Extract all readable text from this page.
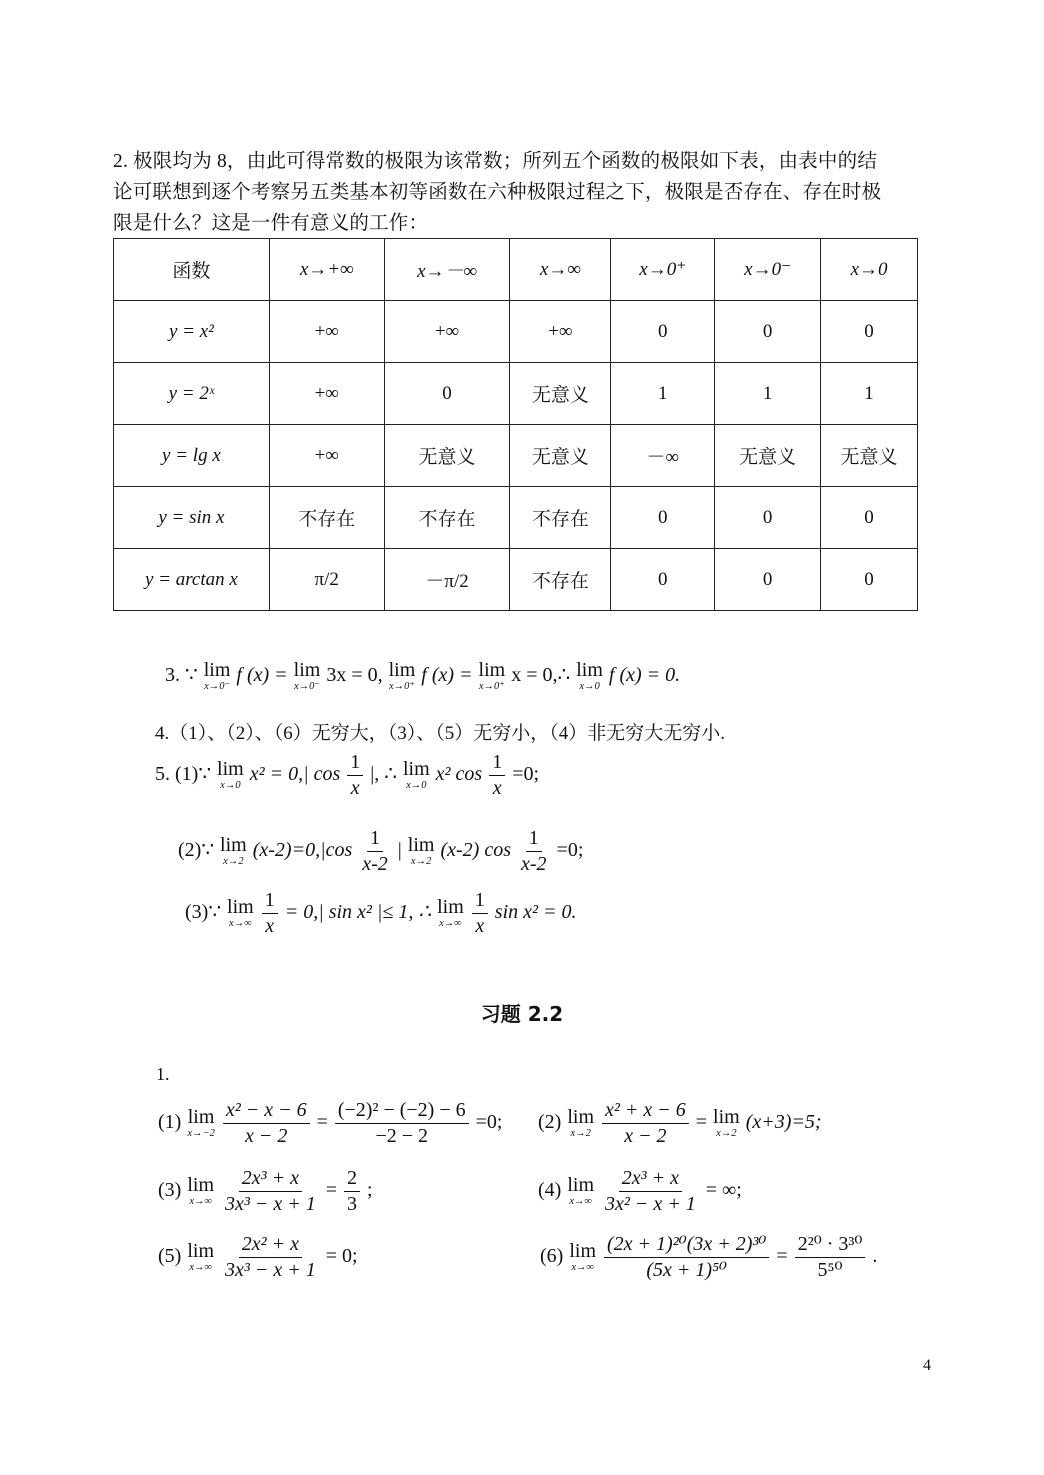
2. 极限均为 8，由此可得常数的极限为该常数；所列五个函数的极限如下表，由表中的结
论可联想到逐个考察另五类基本初等函数在六种极限过程之下，极限是否存在、存在时极
限是什么？这是一件有意义的工作：
函数	x→+∞	x→－∞	x→∞	x→0⁺	x→0⁻	x→0
y = x²	+∞	+∞	+∞	0	0	0
y = 2ˣ	+∞	0	无意义	1	1	1
y = lg x	+∞	无意义	无意义	－∞	无意义	无意义
y = sin x	不存在	不存在	不存在	0	0	0
y = arctan x	π/2	－π/2	不存在	0	0	0
3. ∵ lim
x→0⁻
f (x) = lim
x→0⁻
3x = 0, lim
x→0⁺
f (x) = lim
x→0⁺
x = 0,∴ lim
x→0
f (x) = 0.
4.（1）、（2）、（6）无穷大，（3）、（5）无穷小，（4）非无穷大无穷小.
5. (1)∵ lim
x→0
x² = 0,| $\cos \frac{1}{x}$ |, ∴ lim
x→0
x² $\cos \frac{1}{x} =0$;
(2)∵ lim
x→2
$(x-2)=0,|\cos \frac{1}{x-2}$ | lim
x→2
(x-2) $\cos \frac{1}{x-2} =0$;
(3)∵ lim
x→∞
$\frac{1}{x} = 0,|$ sin x² |≤ 1, ∴ lim
x→∞
$\frac{1}{x}$ sin x² = 0.
习题 2.2
1.
(1) lim
x→−2
$\frac{\text{x² − x − 6}}{x - 2} = \frac{\text{(−2)² − (−2) − 6}}{-2 - 2} =0$; (2) lim
x→2
$\frac{\text{x² + x − 6}}{x - 2} = \lim$
x→2
(x+3)=5;
(3) lim
x→∞
$\frac{\text{2x³ + x}}{\text{3x³ − x + 1}} = \frac{2}{3}$ ;	(4) lim
x→∞
$\frac{\text{2x³ + x}}{\text{3x² − x + 1}}$ = ∞;
(5) lim
x→∞
$\frac{\text{2x² + x}}{\text{3x³ − x + 1}} = 0$;	(6) lim
x→∞
$\frac{\text{(2x + 1)²⁰(3x + 2)³⁰}}{\text{(5x + 1)⁵⁰}} = \frac{\text{2²⁰ · 3³⁰}}{\text{5⁵⁰}}$ .
4
